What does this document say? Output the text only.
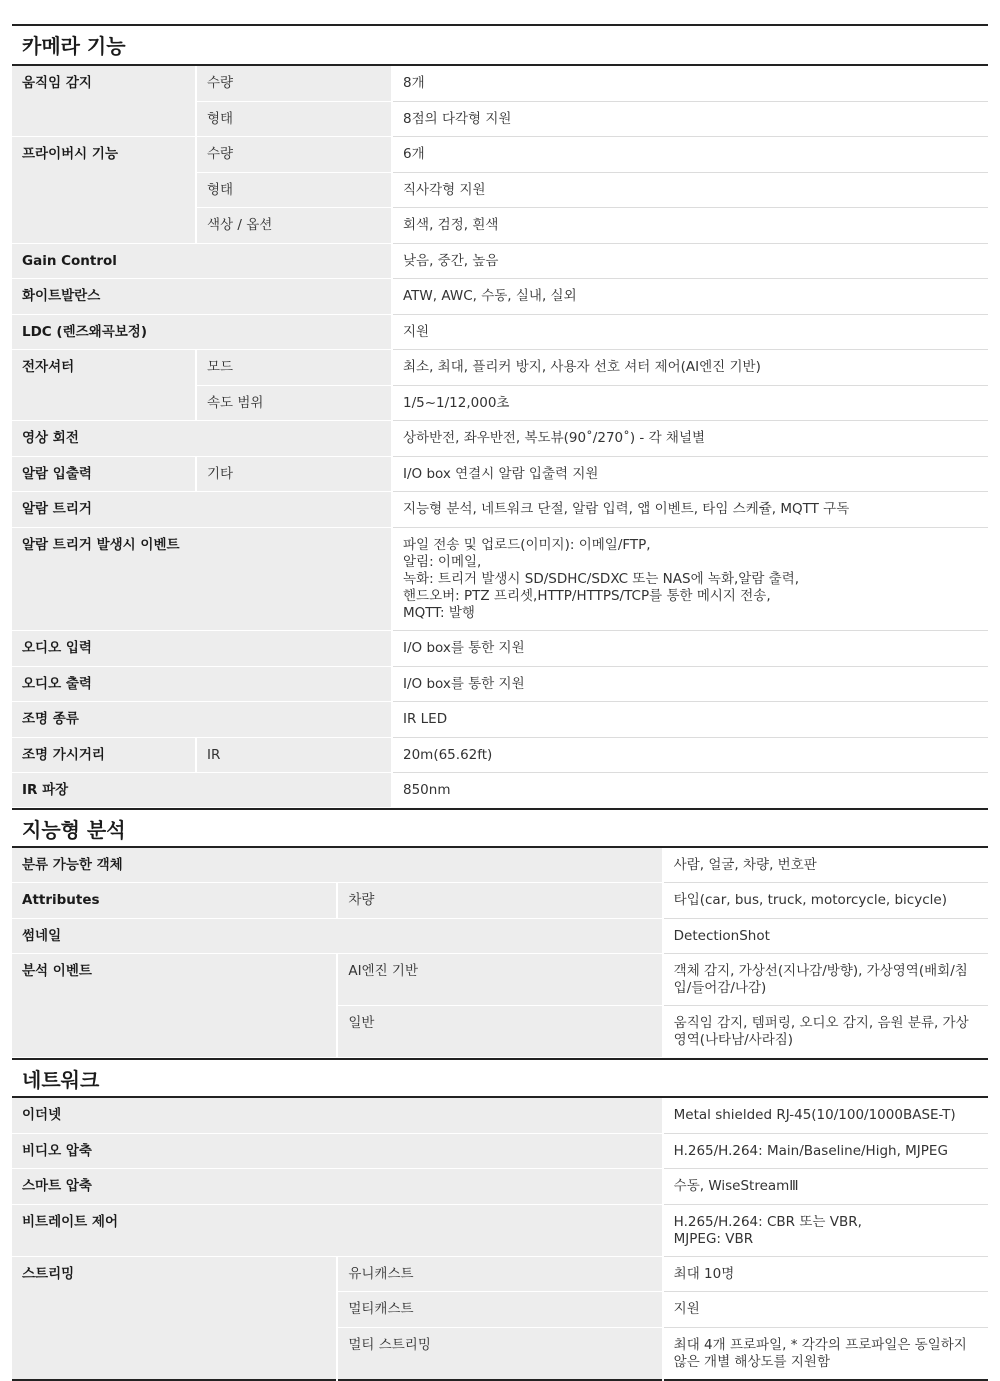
카메라 기능
움직임 감지	수량	8개
	형태	8점의 다각형 지원
프라이버시 기능	수량	6개
	형태	직사각형 지원
	색상 / 옵션	회색, 검정, 흰색
Gain Control		낮음, 중간, 높음
화이트발란스		ATW, AWC, 수동, 실내, 실외
LDC (렌즈왜곡보정)		지원
전자셔터	모드	최소, 최대, 플리커 방지, 사용자 선호 셔터 제어(AI엔진 기반)
	속도 범위	1/5~1/12,000초
영상 회전		상하반전, 좌우반전, 복도뷰(90˚/270˚) - 각 채널별
알람 입출력	기타	I/O box 연결시 알람 입출력 지원
알람 트리거		지능형 분석, 네트워크 단절, 알람 입력, 앱 이벤트, 타임 스케쥴, MQTT 구독
알람 트리거 발생시 이벤트		파일 전송 및 업로드(이미지): 이메일/FTP,
알림: 이메일,
녹화: 트리거 발생시 SD/SDHC/SDXC 또는 NAS에 녹화,알람 출력,
핸드오버: PTZ 프리셋,HTTP/HTTPS/TCP를 통한 메시지 전송,
MQTT: 발행
오디오 입력		I/O box를 통한 지원
오디오 출력		I/O box를 통한 지원
조명 종류		IR LED
조명 가시거리	IR	20m(65.62ft)
IR 파장		850nm
지능형 분석
분류 가능한 객체		사람, 얼굴, 차량, 번호판
Attributes	차량	타입(car, bus, truck, motorcycle, bicycle)
썸네일		DetectionShot
분석 이벤트	AI엔진 기반	객체 감지, 가상선(지나감/방향), 가상영역(배회/침입/들어감/나감)
	일반	움직임 감지, 템퍼링, 오디오 감지, 음원 분류, 가상영역(나타남/사라짐)
네트워크
이더넷		Metal shielded RJ-45(10/100/1000BASE-T)
비디오 압축		H.265/H.264: Main/Baseline/High, MJPEG
스마트 압축		수동, WiseStreamⅢ
비트레이트 제어		H.265/H.264: CBR 또는 VBR,
MJPEG: VBR
스트리밍	유니캐스트	최대 10명
	멀티캐스트	지원
	멀티 스트리밍	최대 4개 프로파일, * 각각의 프로파일은 동일하지 않은 개별 해상도를 지원함
